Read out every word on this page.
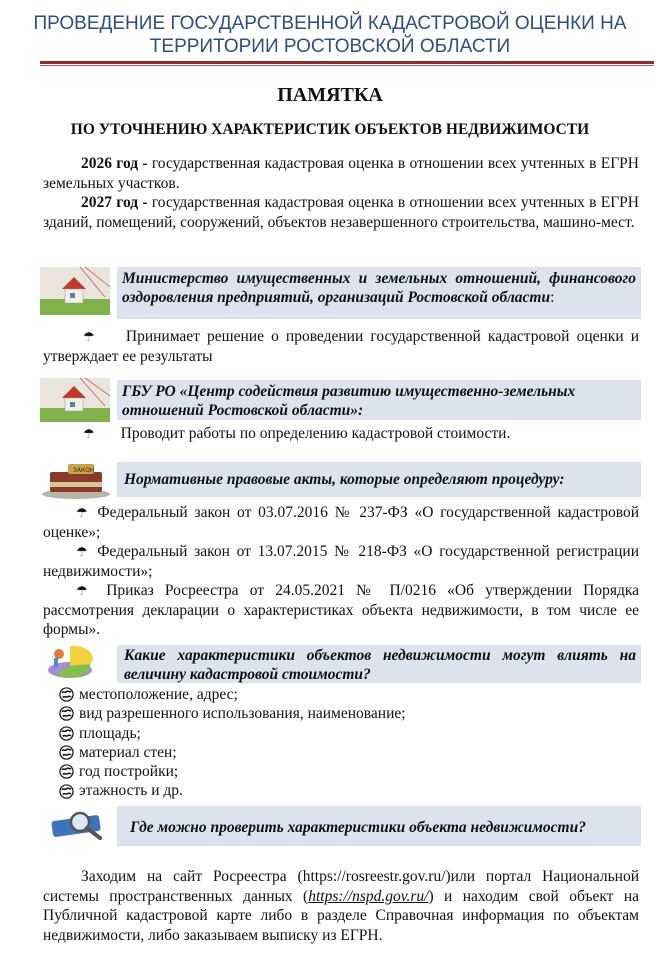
ПРОВЕДЕНИЕ ГОСУДАРСТВЕННОЙ КАДАСТРОВОЙ ОЦЕНКИ НА
ТЕРРИТОРИИ РОСТОВСКОЙ ОБЛАСТИ
ПАМЯТКА
ПО УТОЧНЕНИЮ ХАРАКТЕРИСТИК ОБЪЕКТОВ НЕДВИЖИМОСТИ
2026 год - государственная кадастровая оценка в отношении всех учтенных в ЕГРН земельных участков.
2027 год - государственная кадастровая оценка в отношении всех учтенных в ЕГРН зданий, помещений, сооружений, объектов незавершенного строительства, машино-мест.
Министерство имущественных и земельных отношений, финансового оздоровления предприятий, организаций Ростовской области:
☂ Принимает решение о проведении государственной кадастровой оценки и утверждает ее результаты
ГБУ РО «Центр содействия развитию имущественно-земельных отношений Ростовской области»:
☂ Проводит работы по определению кадастровой стоимости.
ЗАКОН
Нормативные правовые акты, которые определяют процедуру:
☂ Федеральный закон от 03.07.2016 № 237-ФЗ «О государственной кадастровой оценке»;
☂ Федеральный закон от 13.07.2015 № 218-ФЗ «О государственной регистрации недвижимости»;
☂ Приказ Росреестра от 24.05.2021 № П/0216 «Об утверждении Порядка рассмотрения декларации о характеристиках объекта недвижимости, в том числе ее формы».
Какие характеристики объектов недвижимости могут влиять на величину кадастровой стоимости?
местоположение, адрес;
вид разрешенного использования, наименование;
площадь;
материал стен;
год постройки;
этажность и др.
Где можно проверить характеристики объекта недвижимости?
Заходим на сайт Росреестра (https://rosreestr.gov.ru/)или портал Национальной системы пространственных данных (https://nspd.gov.ru/) и находим свой объект на Публичной кадастровой карте либо в разделе Справочная информация по объектам недвижимости, либо заказываем выписку из ЕГРН.
